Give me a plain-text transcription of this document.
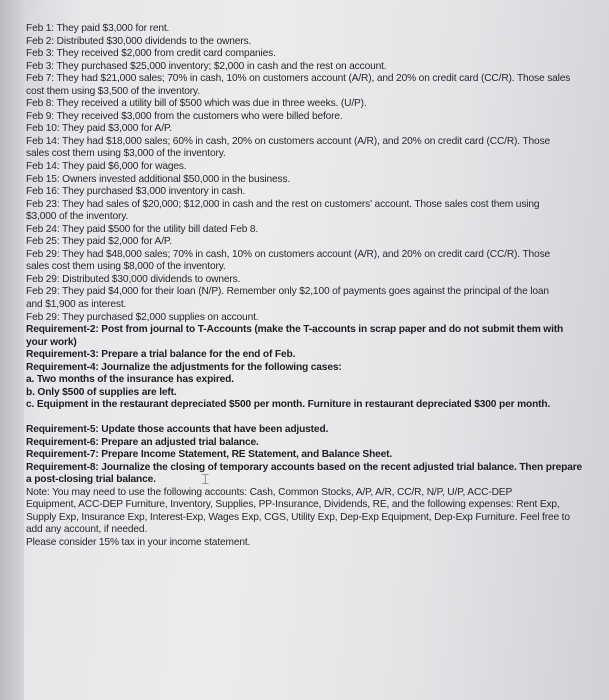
Feb 1: They paid $3,000 for rent.
Feb 2: Distributed $30,000 dividends to the owners.
Feb 3: They received $2,000 from credit card companies.
Feb 3: They purchased $25,000 inventory; $2,000 in cash and the rest on account.
Feb 7: They had $21,000 sales; 70% in cash, 10% on customers account (A/R), and 20% on credit card (CC/R). Those sales
cost them using $3,500 of the inventory.
Feb 8: They received a utility bill of $500 which was due in three weeks. (U/P).
Feb 9: They received $3,000 from the customers who were billed before.
Feb 10: They paid $3,000 for A/P.
Feb 14: They had $18,000 sales; 60% in cash, 20% on customers account (A/R), and 20% on credit card (CC/R). Those
sales cost them using $3,000 of the inventory.
Feb 14: They paid $6,000 for wages.
Feb 15: Owners invested additional $50,000 in the business.
Feb 16: They purchased $3,000 inventory in cash.
Feb 23: They had sales of $20,000; $12,000 in cash and the rest on customers' account. Those sales cost them using
$3,000 of the inventory.
Feb 24: They paid $500 for the utility bill dated Feb 8.
Feb 25: They paid $2,000 for A/P.
Feb 29: They had $48,000 sales; 70% in cash, 10% on customers account (A/R), and 20% on credit card (CC/R). Those
sales cost them using $8,000 of the inventory.
Feb 29: Distributed $30,000 dividends to owners.
Feb 29: They paid $4,000 for their loan (N/P). Remember only $2,100 of payments goes against the principal of the loan
and $1,900 as interest.
Feb 29: They purchased $2,000 supplies on account.
Requirement-2: Post from journal to T-Accounts (make the T-accounts in scrap paper and do not submit them with
your work)
Requirement-3: Prepare a trial balance for the end of Feb.
Requirement-4: Journalize the adjustments for the following cases:
a. Two months of the insurance has expired.
b. Only $500 of supplies are left.
c. Equipment in the restaurant depreciated $500 per month. Furniture in restaurant depreciated $300 per month.
Requirement-5: Update those accounts that have been adjusted.
Requirement-6: Prepare an adjusted trial balance.
Requirement-7: Prepare Income Statement, RE Statement, and Balance Sheet.
Requirement-8: Journalize the closing of temporary accounts based on the recent adjusted trial balance. Then prepare
a post-closing trial balance.
Note: You may need to use the following accounts: Cash, Common Stocks, A/P, A/R, CC/R, N/P, U/P, ACC-DEP
Equipment, ACC-DEP Furniture, Inventory, Supplies, PP-Insurance, Dividends, RE, and the following expenses: Rent Exp,
Supply Exp, Insurance Exp, Interest-Exp, Wages Exp, CGS, Utility Exp, Dep-Exp Equipment, Dep-Exp Furniture. Feel free to
add any account, if needed.
Please consider 15% tax in your income statement.
⌶
